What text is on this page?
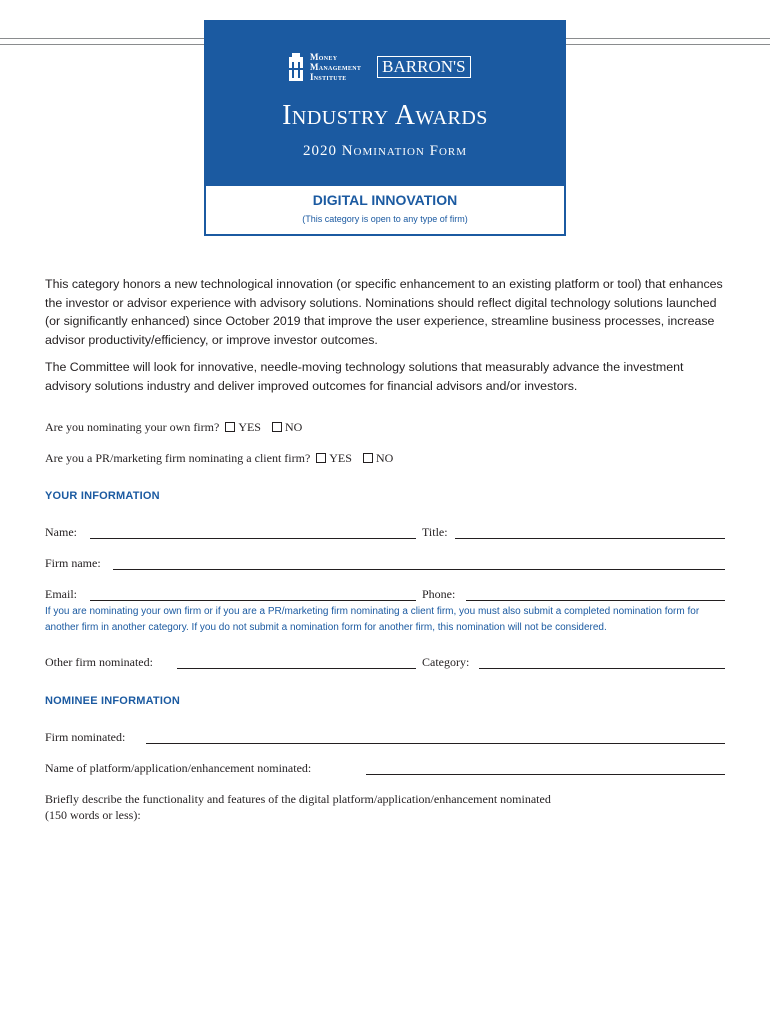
Money
Management
Institute
BARRON'S
Industry Awards
2020 Nomination Form
DIGITAL INNOVATION
(This category is open to any type of firm)
This category honors a new technological innovation (or specific enhancement to an existing platform or tool) that enhances the investor or advisor experience with advisory solutions. Nominations should reflect digital technology solutions launched (or significantly enhanced) since October 2019 that improve the user experience, streamline business processes, increase advisor productivity/efficiency, or improve investor outcomes.
The Committee will look for innovative, needle-moving technology solutions that measurably advance the investment advisory solutions industry and deliver improved outcomes for financial advisors and/or investors.
Are you nominating your own firm? YES NO
Are you a PR/marketing firm nominating a client firm? YES NO
YOUR INFORMATION
Name:	Title:
Firm name:
Email:	Phone:
If you are nominating your own firm or if you are a PR/marketing firm nominating a client firm, you must also submit a completed nomination form for another firm in another category. If you do not submit a nomination form for another firm, this nomination will not be considered.
Other firm nominated:	Category:
NOMINEE INFORMATION
Firm nominated:
Name of platform/application/enhancement nominated:
Briefly describe the functionality and features of the digital platform/application/enhancement nominated
(150 words or less):
